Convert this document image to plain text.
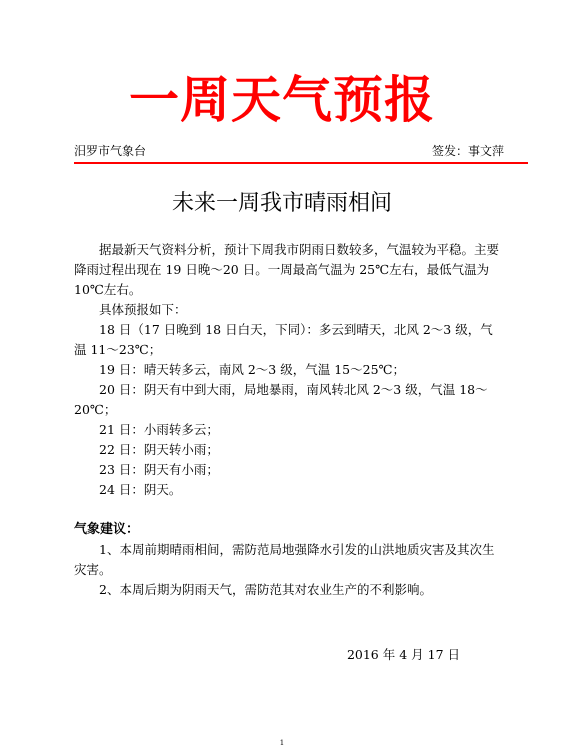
一周天气预报
汨罗市气象台	签发：事文萍
未来一周我市晴雨相间

据最新天气资料分析，预计下周我市阴雨日数较多，气温较为平稳。主要降雨过程出现在 19 日晚～20 日。一周最高气温为 25℃左右，最低气温为 10℃左右。

具体预报如下：

18 日（17 日晚到 18 日白天，下同）：多云到晴天，北风 2～3 级，气温 11～23℃；

19 日：晴天转多云，南风 2～3 级，气温 15～25℃；

20 日：阴天有中到大雨，局地暴雨，南风转北风 2～3 级，气温 18～20℃；

21 日：小雨转多云；

22 日：阴天转小雨；

23 日：阴天有小雨；

24 日：阴天。

气象建议：

1、本周前期晴雨相间，需防范局地强降水引发的山洪地质灾害及其次生灾害。

2、本周后期为阴雨天气，需防范其对农业生产的不利影响。

2016 年 4 月 17 日
1
